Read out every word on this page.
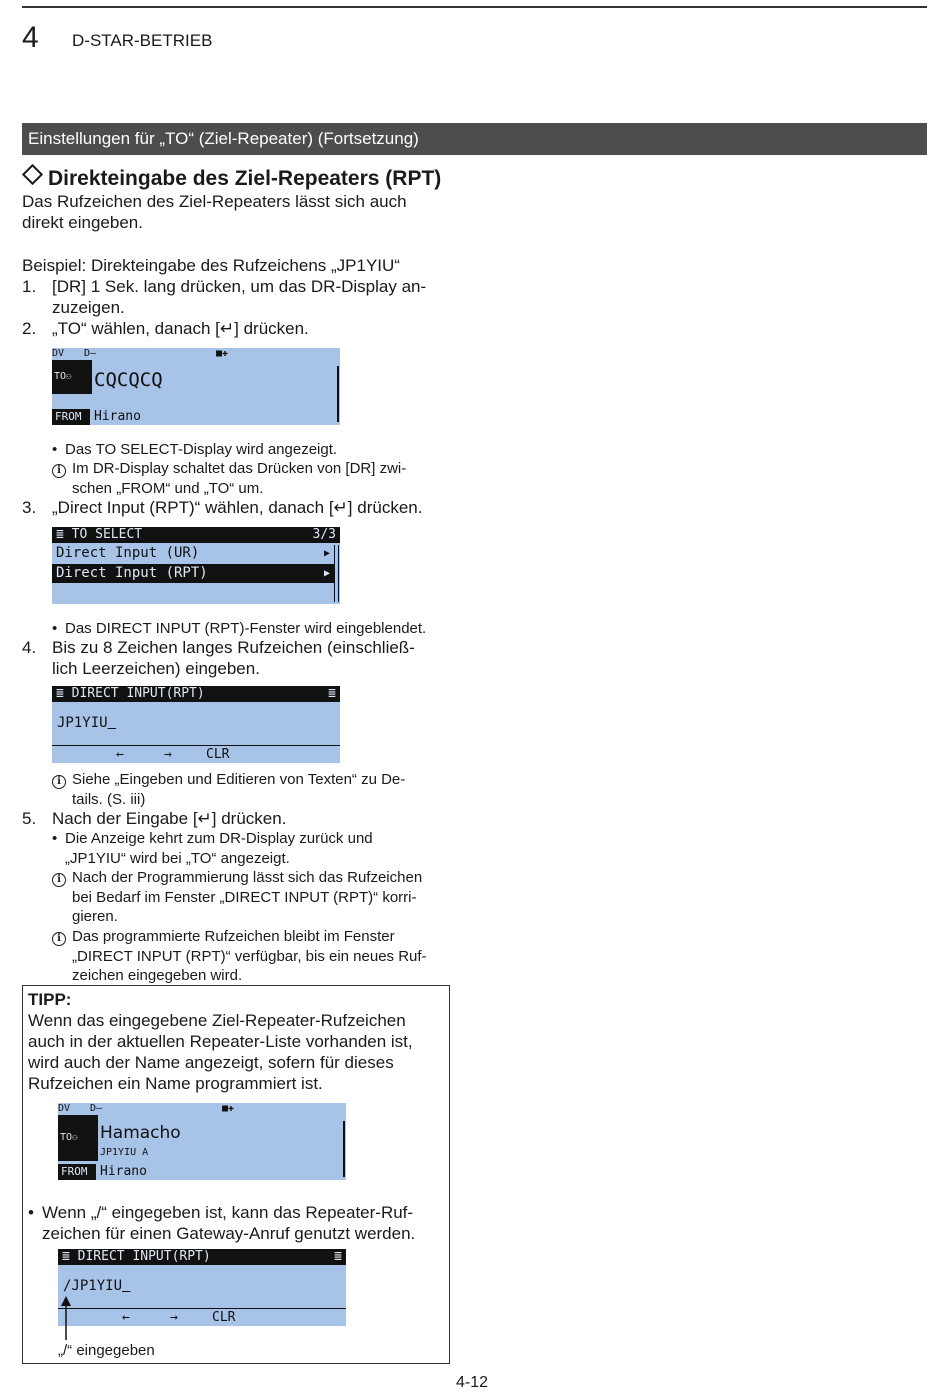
4 D-STAR-BETRIEB
Einstellungen für „TO“ (Ziel-Repeater) (Fortsetzung)
Direkteingabe des Ziel-Repeaters (RPT)
Das Rufzeichen des Ziel-Repeaters lässt sich auch
direkt eingeben.
Beispiel: Direkteingabe des Rufzeichens „JP1YIU“
1. [DR] 1 Sek. lang drücken, um das DR-Display an-
zuzeigen.
2. „TO“ wählen, danach [↵] drücken.
DV D–	■✚
TO⚇	CQCQCQ
FROM Hirano
• Das TO SELECT-Display wird angezeigt.
i Im DR-Display schaltet das Drücken von [DR] zwi-
schen „FROM“ und „TO“ um.
3. „Direct Input (RPT)“ wählen, danach [↵] drücken.
≣ TO SELECT	3/3
Direct Input (UR)	▶
Direct Input (RPT)	▶
• Das DIRECT INPUT (RPT)-Fenster wird eingeblendet.
4. Bis zu 8 Zeichen langes Rufzeichen (einschließ-
lich Leerzeichen) eingeben.
≣ DIRECT INPUT(RPT)	≣
JP1YIU
←	→	CLR
i Siehe „Eingeben und Editieren von Texten“ zu De-
tails. (S. iii)
5. Nach der Eingabe [↵] drücken.
• Die Anzeige kehrt zum DR-Display zurück und
„JP1YIU“ wird bei „TO“ angezeigt.
i Nach der Programmierung lässt sich das Rufzeichen
bei Bedarf im Fenster „DIRECT INPUT (RPT)“ korri-
gieren.
i Das programmierte Rufzeichen bleibt im Fenster
„DIRECT INPUT (RPT)“ verfügbar, bis ein neues Ruf-
zeichen eingegeben wird.
TIPP:
Wenn das eingegebene Ziel-Repeater-Rufzeichen
auch in der aktuellen Repeater-Liste vorhanden ist,
wird auch der Name angezeigt, sofern für dieses
Rufzeichen ein Name programmiert ist.
DV D–	■✚
TO⚇	Hamacho
JP1YIU A
FROM Hirano
• Wenn „/“ eingegeben ist, kann das Repeater-Ruf-
zeichen für einen Gateway-Anruf genutzt werden.
≣ DIRECT INPUT(RPT)	≣
/JP1YIU
←	→	CLR
„/“ eingegeben
4-12
